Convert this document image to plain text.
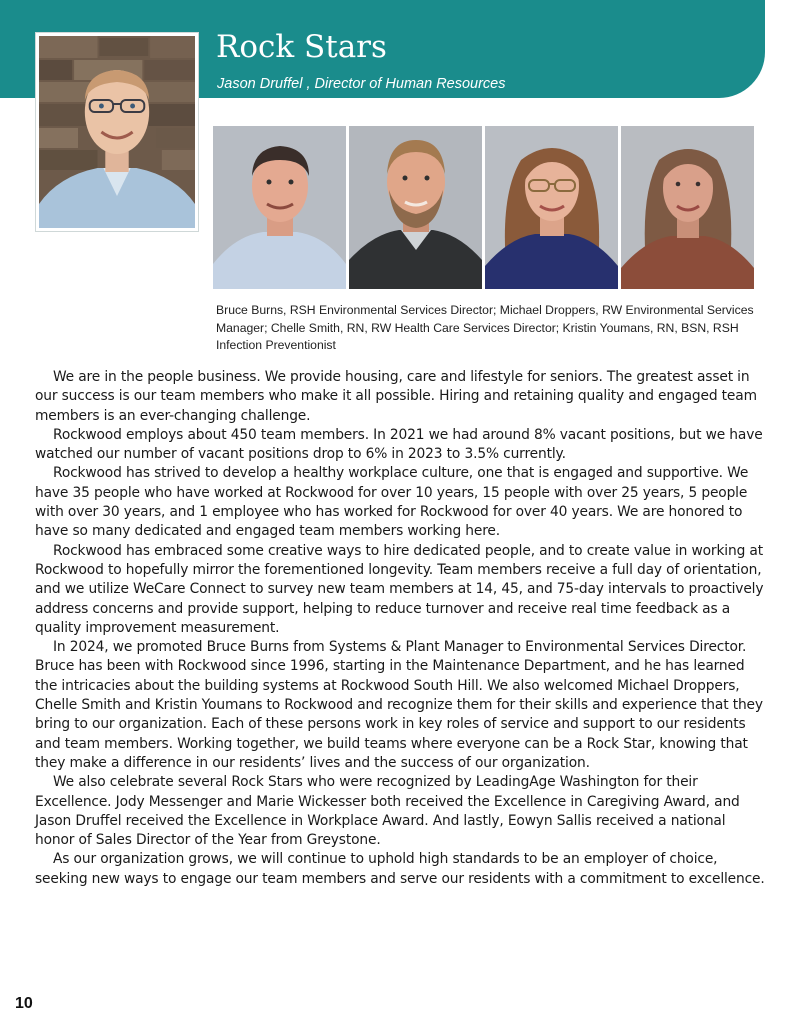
Rock Stars
Jason Druffel , Director of Human Resources
Bruce Burns, RSH Environmental Services Director; Michael Droppers, RW Environmental Services Manager; Chelle Smith, RN, RW Health Care Services Director; Kristin Youmans, RN, BSN, RSH Infection Preventionist

We are in the people business. We provide housing, care and lifestyle for seniors. The greatest asset in our success is our team members who make it all possible. Hiring and retaining quality and engaged team members is an ever-changing challenge.

Rockwood employs about 450 team members. In 2021 we had around 8% vacant positions, but we have watched our number of vacant positions drop to 6% in 2023 to 3.5% currently.

Rockwood has strived to develop a healthy workplace culture, one that is engaged and supportive. We have 35 people who have worked at Rockwood for over 10 years, 15 people with over 25 years, 5 people with over 30 years, and 1 employee who has worked for Rockwood for over 40 years. We are honored to have so many dedicated and engaged team members working here.

Rockwood has embraced some creative ways to hire dedicated people, and to create value in working at Rockwood to hopefully mirror the forementioned longevity. Team members receive a full day of orientation, and we utilize WeCare Connect to survey new team members at 14, 45, and 75-day intervals to proactively address concerns and provide support, helping to reduce turnover and receive real time feedback as a quality improvement measurement.

In 2024, we promoted Bruce Burns from Systems & Plant Manager to Environmental Services Director. Bruce has been with Rockwood since 1996, starting in the Maintenance Department, and he has learned the intricacies about the building systems at Rockwood South Hill. We also welcomed Michael Droppers, Chelle Smith and Kristin Youmans to Rockwood and recognize them for their skills and experience that they bring to our organization. Each of these persons work in key roles of service and support to our residents and team members. Working together, we build teams where everyone can be a Rock Star, knowing that they make a difference in our residents’ lives and the success of our organization.

We also celebrate several Rock Stars who were recognized by LeadingAge Washington for their Excellence. Jody Messenger and Marie Wickesser both received the Excellence in Caregiving Award, and Jason Druffel received the Excellence in Workplace Award. And lastly, Eowyn Sallis received a national honor of Sales Director of the Year from Greystone.

As our organization grows, we will continue to uphold high standards to be an employer of choice, seeking new ways to engage our team members and serve our residents with a commitment to excellence.

10
